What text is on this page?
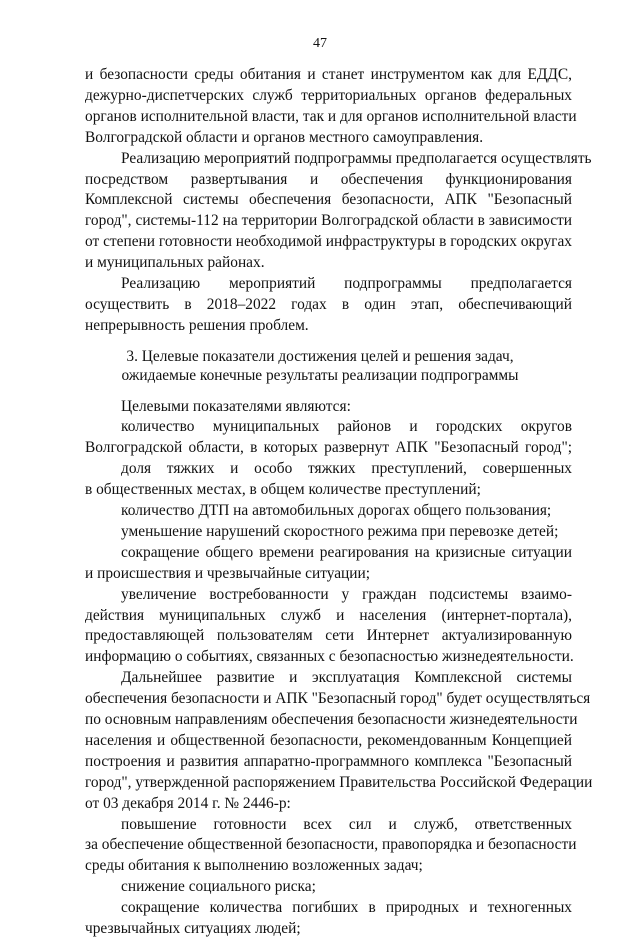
47
и безопасности среды обитания и станет инструментом как для ЕДДС,
дежурно-диспетчерских служб территориальных органов федеральных
органов исполнительной власти, так и для органов исполнительной власти
Волгоградской области и органов местного самоуправления.
Реализацию мероприятий подпрограммы предполагается осуществлять
посредством развертывания и обеспечения функционирования
Комплексной системы обеспечения безопасности, АПК "Безопасный
город", системы-112 на территории Волгоградской области в зависимости
от степени готовности необходимой инфраструктуры в городских округах
и муниципальных районах.
Реализацию мероприятий подпрограммы предполагается
осуществить в 2018–2022 годах в один этап, обеспечивающий
непрерывность решения проблем.
3. Целевые показатели достижения целей и решения задач,
ожидаемые конечные результаты реализации подпрограммы
Целевыми показателями являются:
количество муниципальных районов и городских округов
Волгоградской области, в которых развернут АПК "Безопасный город";
доля тяжких и особо тяжких преступлений, совершенных
в общественных местах, в общем количестве преступлений;
количество ДТП на автомобильных дорогах общего пользования;
уменьшение нарушений скоростного режима при перевозке детей;
сокращение общего времени реагирования на кризисные ситуации
и происшествия и чрезвычайные ситуации;
увеличение востребованности у граждан подсистемы взаимо-
действия муниципальных служб и населения (интернет-портала),
предоставляющей пользователям сети Интернет актуализированную
информацию о событиях, связанных с безопасностью жизнедеятельности.
Дальнейшее развитие и эксплуатация Комплексной системы
обеспечения безопасности и АПК "Безопасный город" будет осуществляться
по основным направлениям обеспечения безопасности жизнедеятельности
населения и общественной безопасности, рекомендованным Концепцией
построения и развития аппаратно-программного комплекса "Безопасный
город", утвержденной распоряжением Правительства Российской Федерации
от 03 декабря 2014 г. № 2446-р:
повышение готовности всех сил и служб, ответственных
за обеспечение общественной безопасности, правопорядка и безопасности
среды обитания к выполнению возложенных задач;
снижение социального риска;
сокращение количества погибших в природных и техногенных
чрезвычайных ситуациях людей;
